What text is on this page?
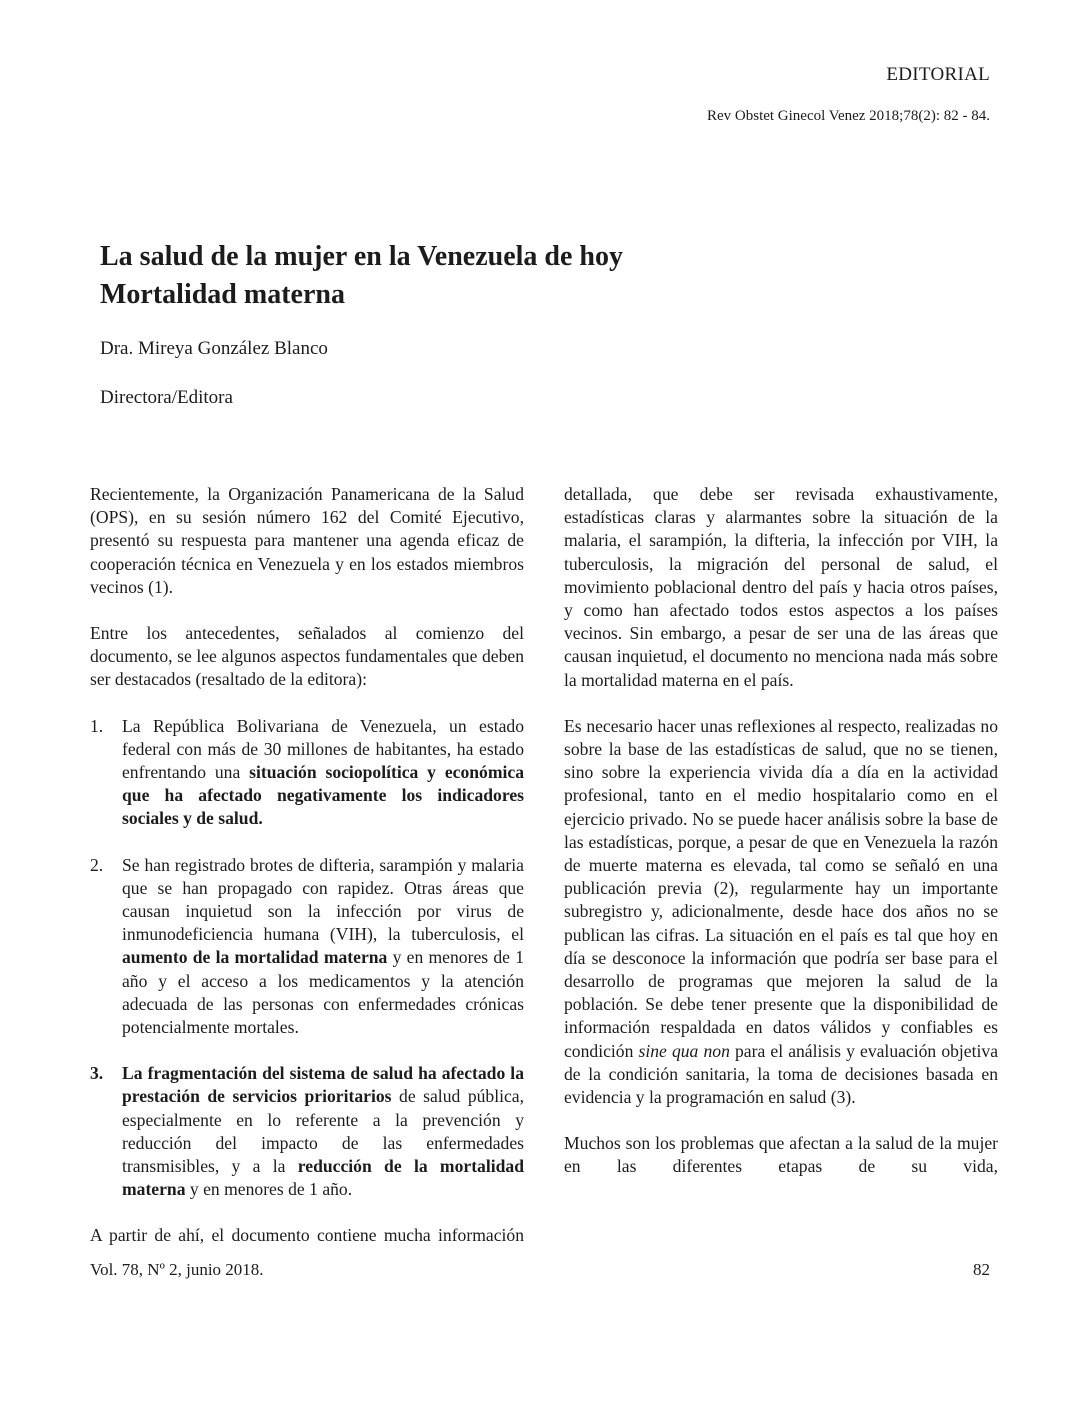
EDITORIAL
Rev Obstet Ginecol Venez 2018;78(2): 82 - 84.
La salud de la mujer en la Venezuela de hoy
Mortalidad materna
Dra. Mireya González Blanco
Directora/Editora

Recientemente, la Organización Panamericana de la Salud (OPS), en su sesión número 162 del Comité Ejecutivo, presentó su respuesta para mantener una agenda eficaz de cooperación técnica en Venezuela y en los estados miembros vecinos (1).

Entre los antecedentes, señalados al comienzo del documento, se lee algunos aspectos fundamentales que deben ser destacados (resaltado de la editora):

1.	La República Bolivariana de Venezuela, un estado federal con más de 30 millones de habitantes, ha estado enfrentando una situación sociopolítica y económica que ha afectado negativamente los indicadores sociales y de salud.
2.	Se han registrado brotes de difteria, sarampión y malaria que se han propagado con rapidez. Otras áreas que causan inquietud son la infección por virus de inmunodeficiencia humana (VIH), la tuberculosis, el aumento de la mortalidad materna y en menores de 1 año y el acceso a los medicamentos y la atención adecuada de las personas con enfermedades crónicas potencialmente mortales.
3.	La fragmentación del sistema de salud ha afectado la prestación de servicios prioritarios de salud pública, especialmente en lo referente a la prevención y reducción del impacto de las enfermedades transmisibles, y a la reducción de la mortalidad materna y en menores de 1 año.

A partir de ahí, el documento contiene mucha información

detallada, que debe ser revisada exhaustivamente, estadísticas claras y alarmantes sobre la situación de la malaria, el sarampión, la difteria, la infección por VIH, la tuberculosis, la migración del personal de salud, el movimiento poblacional dentro del país y hacia otros países, y como han afectado todos estos aspectos a los países vecinos. Sin embargo, a pesar de ser una de las áreas que causan inquietud, el documento no menciona nada más sobre la mortalidad materna en el país.

Es necesario hacer unas reflexiones al respecto, realizadas no sobre la base de las estadísticas de salud, que no se tienen, sino sobre la experiencia vivida día a día en la actividad profesional, tanto en el medio hospitalario como en el ejercicio privado. No se puede hacer análisis sobre la base de las estadísticas, porque, a pesar de que en Venezuela la razón de muerte materna es elevada, tal como se señaló en una publicación previa (2), regularmente hay un importante subregistro y, adicionalmente, desde hace dos años no se publican las cifras. La situación en el país es tal que hoy en día se desconoce la información que podría ser base para el desarrollo de programas que mejoren la salud de la población. Se debe tener presente que la disponibilidad de información respaldada en datos válidos y confiables es condición sine qua non para el análisis y evaluación objetiva de la condición sanitaria, la toma de decisiones basada en evidencia y la programación en salud (3).

Muchos son los problemas que afectan a la salud de la mujer en las diferentes etapas de su vida,

Vol. 78, Nº 2, junio 2018.	82
